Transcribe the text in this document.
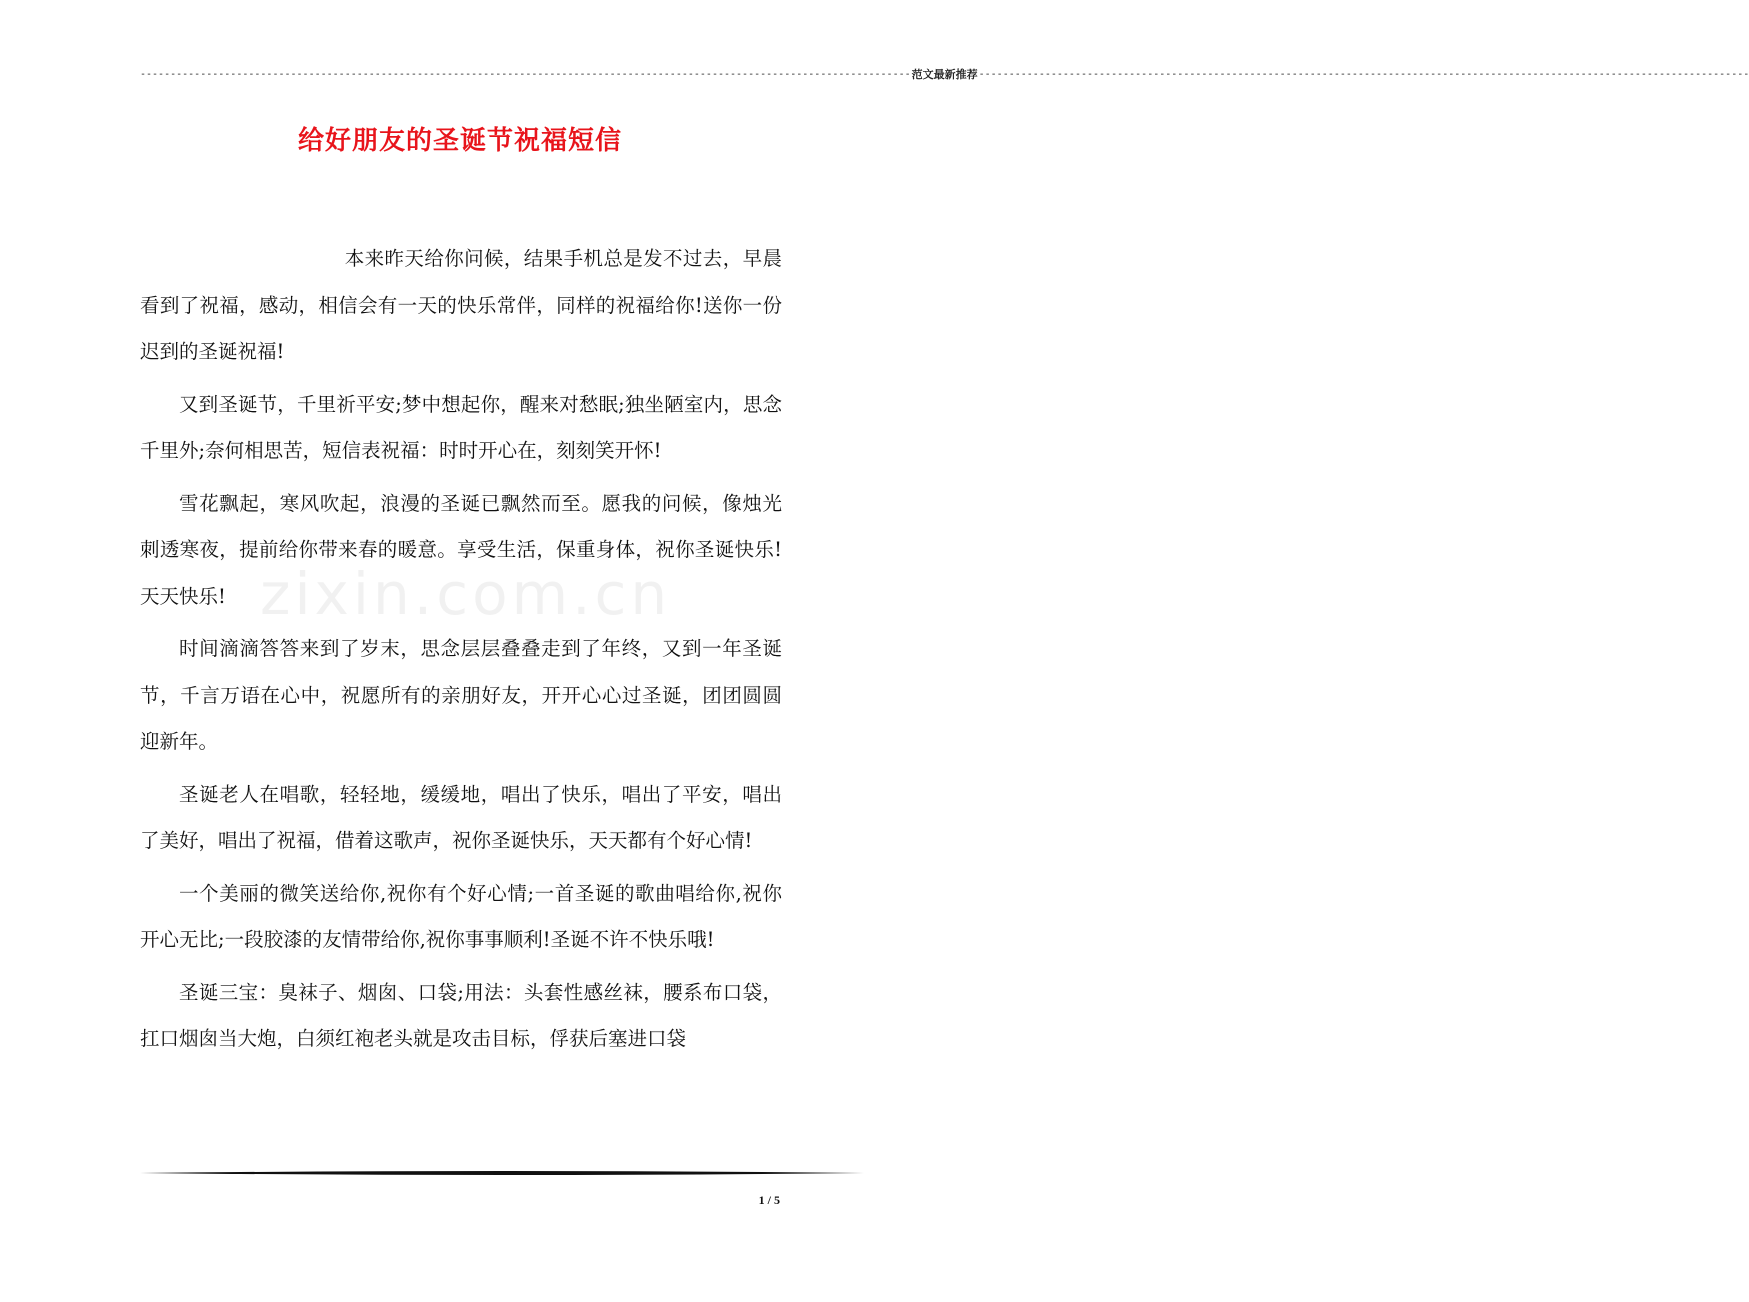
-------------------------------------------------------------------------------------------------------------------------------- 范文最新推荐 --------------------------------------------------------------------------------------------------------------------------------
给好朋友的圣诞节祝福短信
zixin.com.cn

本来昨天给你问候，结果手机总是发不过去，早晨看到了祝福，感动，相信会有一天的快乐常伴，同样的祝福给你!送你一份迟到的圣诞祝福!

又到圣诞节，千里祈平安;梦中想起你，醒来对愁眠;独坐陋室内，思念千里外;奈何相思苦，短信表祝福：时时开心在，刻刻笑开怀!

雪花飘起，寒风吹起，浪漫的圣诞已飘然而至。愿我的问候，像烛光刺透寒夜，提前给你带来春的暖意。享受生活，保重身体，祝你圣诞快乐!天天快乐!

时间滴滴答答来到了岁末，思念层层叠叠走到了年终，又到一年圣诞节，千言万语在心中，祝愿所有的亲朋好友，开开心心过圣诞，团团圆圆迎新年。

圣诞老人在唱歌，轻轻地，缓缓地，唱出了快乐，唱出了平安，唱出了美好，唱出了祝福，借着这歌声，祝你圣诞快乐，天天都有个好心情!

一个美丽的微笑送给你,祝你有个好心情;一首圣诞的歌曲唱给你,祝你开心无比;一段胶漆的友情带给你,祝你事事顺利!圣诞不许不快乐哦!

圣诞三宝：臭袜子、烟囱、口袋;用法：头套性感丝袜，腰系布口袋，扛口烟囱当大炮，白须红袍老头就是攻击目标，俘获后塞进口袋

1 / 5
